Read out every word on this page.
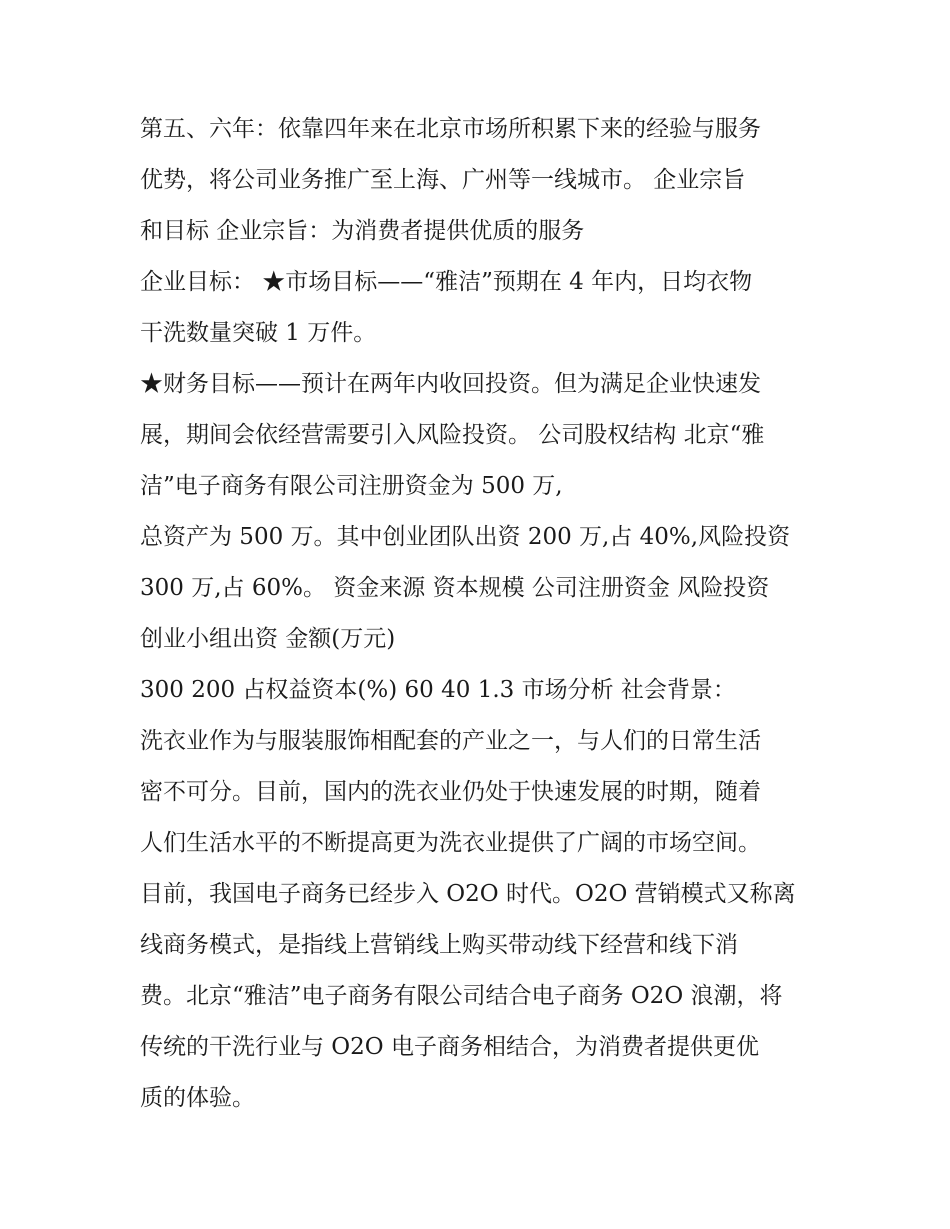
第五、六年：依靠四年来在北京市场所积累下来的经验与服务
优势，将公司业务推广至上海、广州等一线城市。 企业宗旨
和目标 企业宗旨：为消费者提供优质的服务
企业目标： ★市场目标——“雅洁”预期在 4 年内，日均衣物
干洗数量突破 1 万件。
★财务目标——预计在两年内收回投资。但为满足企业快速发
展，期间会依经营需要引入风险投资。 公司股权结构 北京“雅
洁”电子商务有限公司注册资金为 500 万,
总资产为 500 万。其中创业团队出资 200 万,占 40%,风险投资
300 万,占 60%。 资金来源 资本规模 公司注册资金 风险投资
创业小组出资 金额(万元)
300 200 占权益资本(%) 60 40 1.3 市场分析 社会背景：
洗衣业作为与服装服饰相配套的产业之一，与人们的日常生活
密不可分。目前，国内的洗衣业仍处于快速发展的时期，随着
人们生活水平的不断提高更为洗衣业提供了广阔的市场空间。
目前，我国电子商务已经步入 O2O 时代。O2O 营销模式又称离
线商务模式，是指线上营销线上购买带动线下经营和线下消
费。北京“雅洁”电子商务有限公司结合电子商务 O2O 浪潮，将
传统的干洗行业与 O2O 电子商务相结合，为消费者提供更优
质的体验。
